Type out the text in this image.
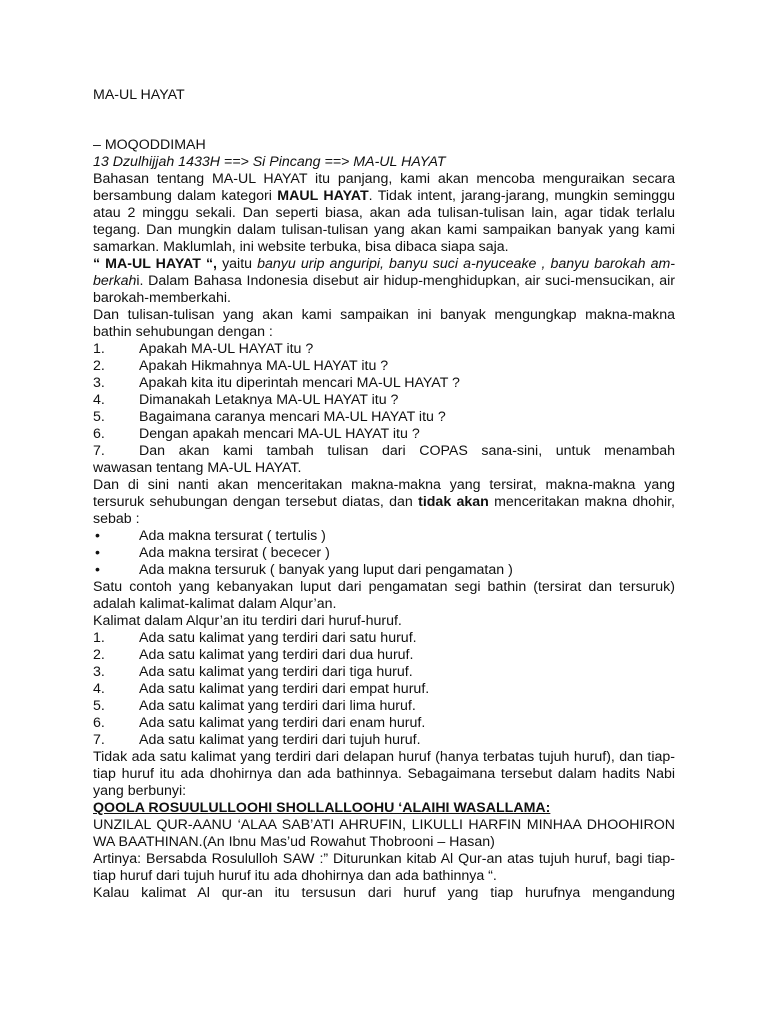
MA-UL HAYAT

– MOQODDIMAH

13 Dzulhijjah 1433H ==> Si Pincang ==> MA-UL HAYAT

Bahasan tentang MA-UL HAYAT itu panjang, kami akan mencoba menguraikan secara bersambung dalam kategori MAUL HAYAT. Tidak intent, jarang-jarang, mungkin seminggu atau 2 minggu sekali. Dan seperti biasa, akan ada tulisan-tulisan lain, agar tidak terlalu tegang. Dan mungkin dalam tulisan-tulisan yang akan kami sampaikan banyak yang kami samarkan. Maklumlah, ini website terbuka, bisa dibaca siapa saja.

“ MA-UL HAYAT “, yaitu banyu urip anguripi, banyu suci a-nyuceake , banyu barokah am-berkahi. Dalam Bahasa Indonesia disebut air hidup-menghidupkan, air suci-mensucikan, air barokah-memberkahi.

Dan tulisan-tulisan yang akan kami sampaikan ini banyak mengungkap makna-makna bathin sehubungan dengan :

1.	Apakah MA-UL HAYAT itu ?
2.	Apakah Hikmahnya MA-UL HAYAT itu ?
3.	Apakah kita itu diperintah mencari MA-UL HAYAT ?
4.	Dimanakah Letaknya MA-UL HAYAT itu ?
5.	Bagaimana caranya mencari MA-UL HAYAT itu ?
6.	Dengan apakah mencari MA-UL HAYAT itu ?
7.	Dan akan kami tambah tulisan dari COPAS sana-sini, untuk menambah

wawasan tentang MA-UL HAYAT.

Dan di sini nanti akan menceritakan makna-makna yang tersirat, makna-makna yang tersuruk sehubungan dengan tersebut diatas, dan tidak akan menceritakan makna dhohir, sebab :

•	Ada makna tersurat ( tertulis )
•	Ada makna tersirat ( bececer )
•	Ada makna tersuruk ( banyak yang luput dari pengamatan )

Satu contoh yang kebanyakan luput dari pengamatan segi bathin (tersirat dan tersuruk) adalah kalimat-kalimat dalam Alqur’an.

Kalimat dalam Alqur’an itu terdiri dari huruf-huruf.

1.	Ada satu kalimat yang terdiri dari satu huruf.
2.	Ada satu kalimat yang terdiri dari dua huruf.
3.	Ada satu kalimat yang terdiri dari tiga huruf.
4.	Ada satu kalimat yang terdiri dari empat huruf.
5.	Ada satu kalimat yang terdiri dari lima huruf.
6.	Ada satu kalimat yang terdiri dari enam huruf.
7.	Ada satu kalimat yang terdiri dari tujuh huruf.

Tidak ada satu kalimat yang terdiri dari delapan huruf (hanya terbatas tujuh huruf), dan tiap-tiap huruf itu ada dhohirnya dan ada bathinnya. Sebagaimana tersebut dalam hadits Nabi yang berbunyi:

QOOLA ROSUULULLOOHI SHOLLALLOOHU ‘ALAIHI WASALLAMA:

UNZILAL QUR-AANU ‘ALAA SAB’ATI AHRUFIN, LIKULLI HARFIN MINHAA DHOOHIRON WA BAATHINAN.(An Ibnu Mas’ud Rowahut Thobrooni – Hasan)

Artinya: Bersabda Rosululloh SAW :” Diturunkan kitab Al Qur-an atas tujuh huruf, bagi tiap-tiap huruf dari tujuh huruf itu ada dhohirnya dan ada bathinnya “.

Kalau kalimat Al qur-an itu tersusun dari huruf yang tiap hurufnya mengandung
